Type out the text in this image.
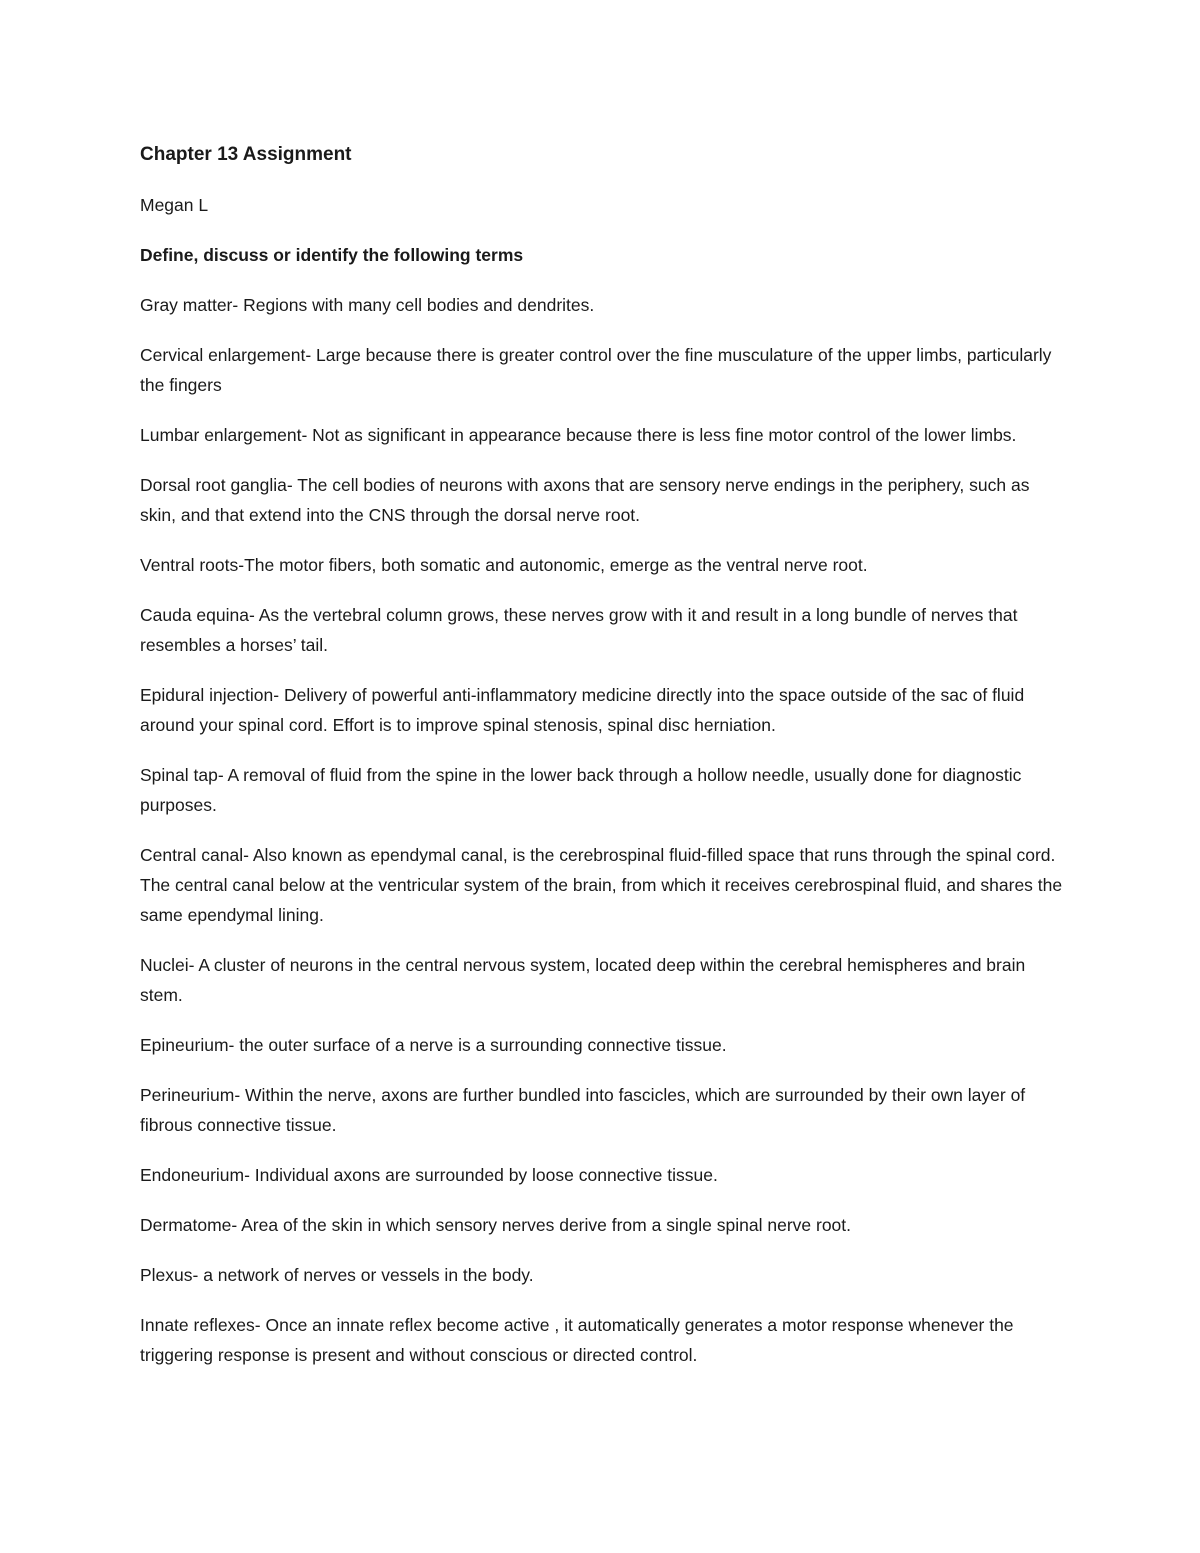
Chapter 13 Assignment

Megan L

Define, discuss or identify the following terms

Gray matter- Regions with many cell bodies and dendrites.

Cervical enlargement- Large because there is greater control over the fine musculature of the upper limbs, particularly the fingers

Lumbar enlargement- Not as significant in appearance because there is less fine motor control of the lower limbs.

Dorsal root ganglia- The cell bodies of neurons with axons that are sensory nerve endings in the periphery, such as skin, and that extend into the CNS through the dorsal nerve root.

Ventral roots-The motor fibers, both somatic and autonomic, emerge as the ventral nerve root.

Cauda equina- As the vertebral column grows, these nerves grow with it and result in a long bundle of nerves that resembles a horses’ tail.

Epidural injection- Delivery of powerful anti-inflammatory medicine directly into the space outside of the sac of fluid around your spinal cord. Effort is to improve spinal stenosis, spinal disc herniation.

Spinal tap- A removal of fluid from the spine in the lower back through a hollow needle, usually done for diagnostic purposes.

Central canal- Also known as ependymal canal, is the cerebrospinal fluid-filled space that runs through the spinal cord. The central canal below at the ventricular system of the brain, from which it receives cerebrospinal fluid, and shares the same ependymal lining.

Nuclei- A cluster of neurons in the central nervous system, located deep within the cerebral hemispheres and brain stem.

Epineurium- the outer surface of a nerve is a surrounding connective tissue.

Perineurium- Within the nerve, axons are further bundled into fascicles, which are surrounded by their own layer of fibrous connective tissue.

Endoneurium- Individual axons are surrounded by loose connective tissue.

Dermatome- Area of the skin in which sensory nerves derive from a single spinal nerve root.

Plexus- a network of nerves or vessels in the body.

Innate reflexes- Once an innate reflex become active , it automatically generates a motor response whenever the triggering response is present and without conscious or directed control.
